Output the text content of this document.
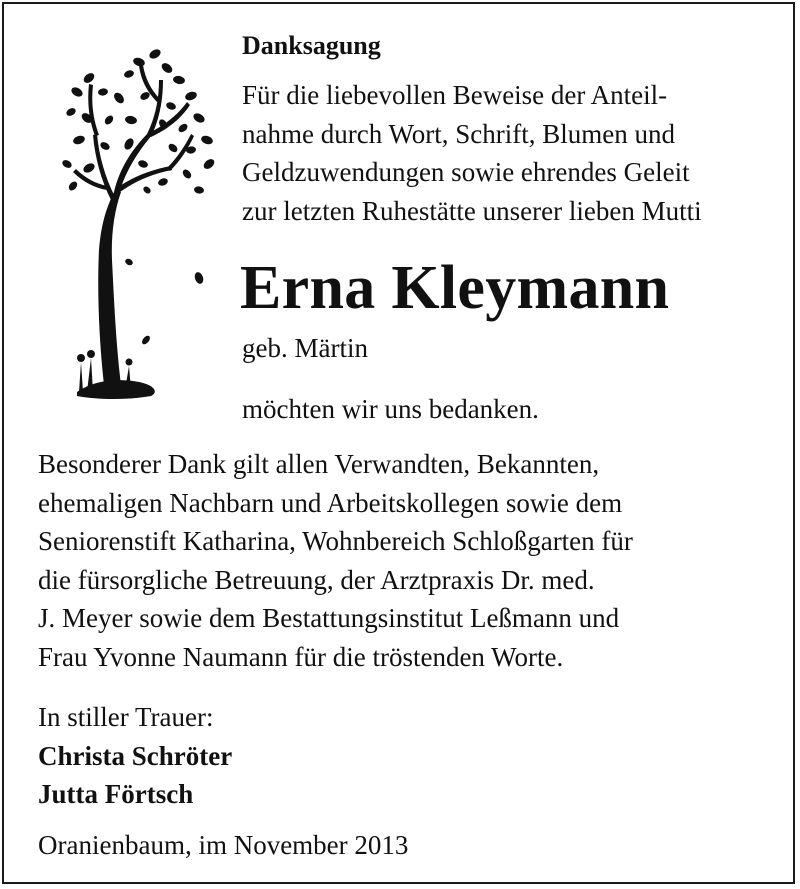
Danksagung

Für die liebevollen Beweise der Anteil-
nahme durch Wort, Schrift, Blumen und
Geldzuwendungen sowie ehrendes Geleit
zur letzten Ruhestätte unserer lieben Mutti

Erna Kleymann

geb. Märtin

möchten wir uns bedanken.

Besonderer Dank gilt allen Verwandten, Bekannten,
ehemaligen Nachbarn und Arbeitskollegen sowie dem
Seniorenstift Katharina, Wohnbereich Schloßgarten für
die fürsorgliche Betreuung, der Arztpraxis Dr. med.
J. Meyer sowie dem Bestattungsinstitut Leßmann und
Frau Yvonne Naumann für die tröstenden Worte.

In stiller Trauer:
Christa Schröter
Jutta Förtsch

Oranienbaum, im November 2013
